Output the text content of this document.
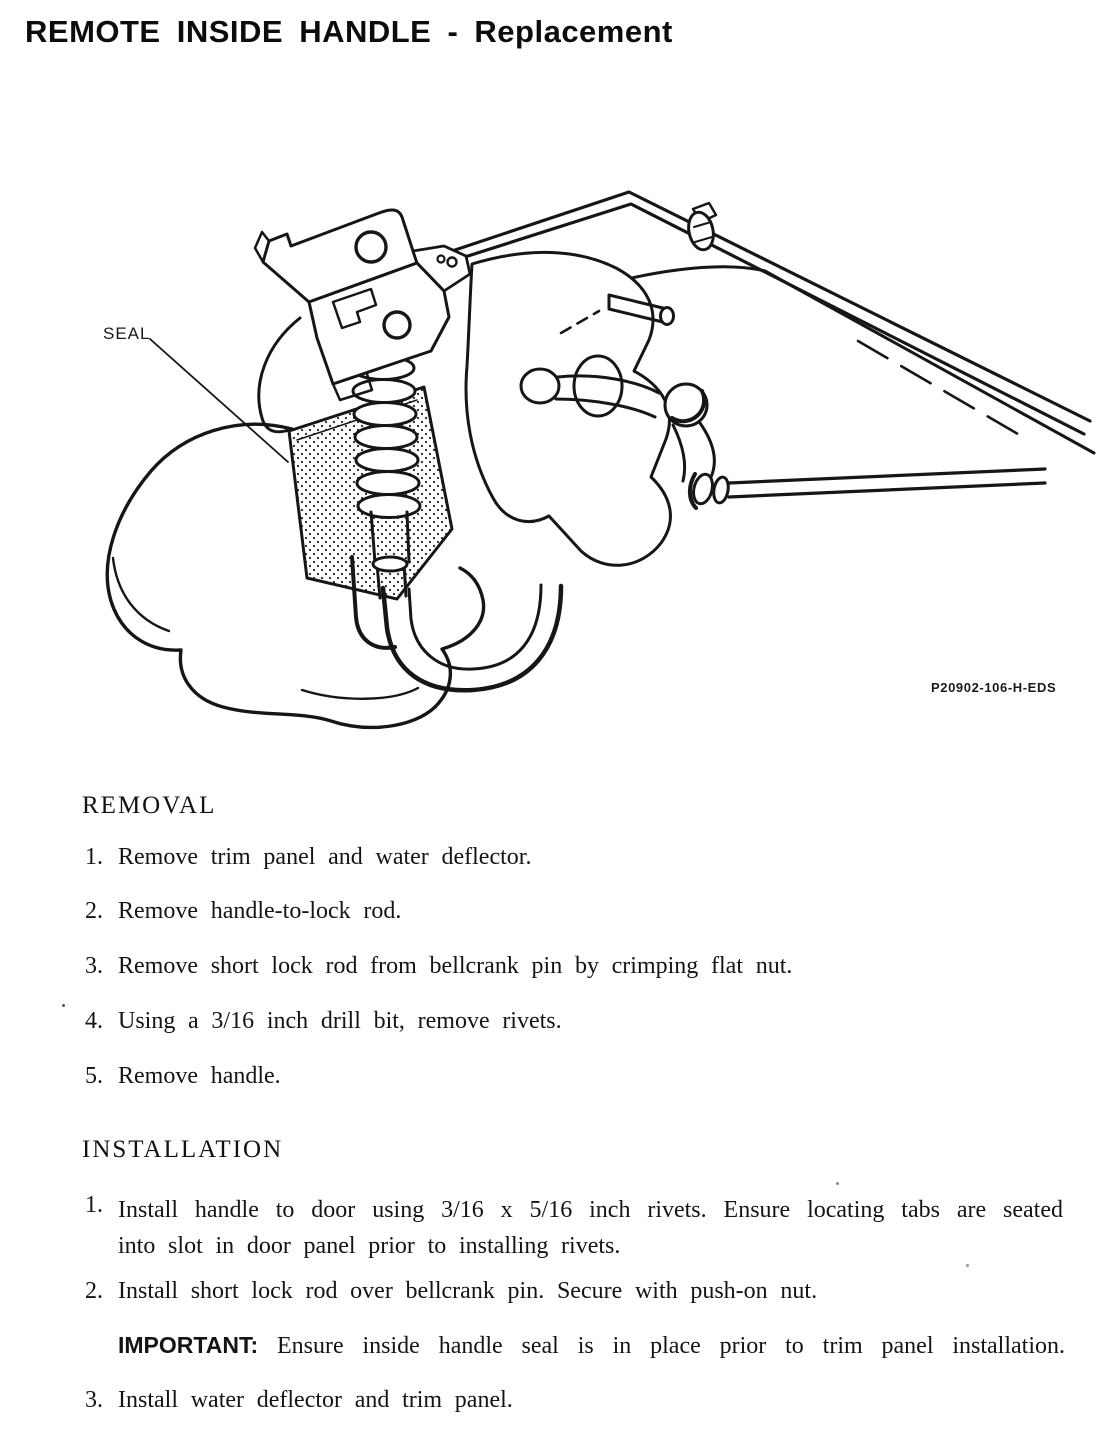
REMOTE INSIDE HANDLE - Replacement
SEAL
P20902-106-H-EDS
REMOVAL
1. Remove trim panel and water deflector.
2. Remove handle-to-lock rod.
3. Remove short lock rod from bellcrank pin by crimping flat nut.
4. Using a 3/16 inch drill bit, remove rivets.
5. Remove handle.
INSTALLATION
1. Install handle to door using 3/16 x 5/16 inch rivets. Ensure locating tabs are seated
into slot in door panel prior to installing rivets.
2. Install short lock rod over bellcrank pin. Secure with push-on nut.
IMPORTANT: Ensure inside handle seal is in place prior to trim panel installation.
3. Install water deflector and trim panel.
